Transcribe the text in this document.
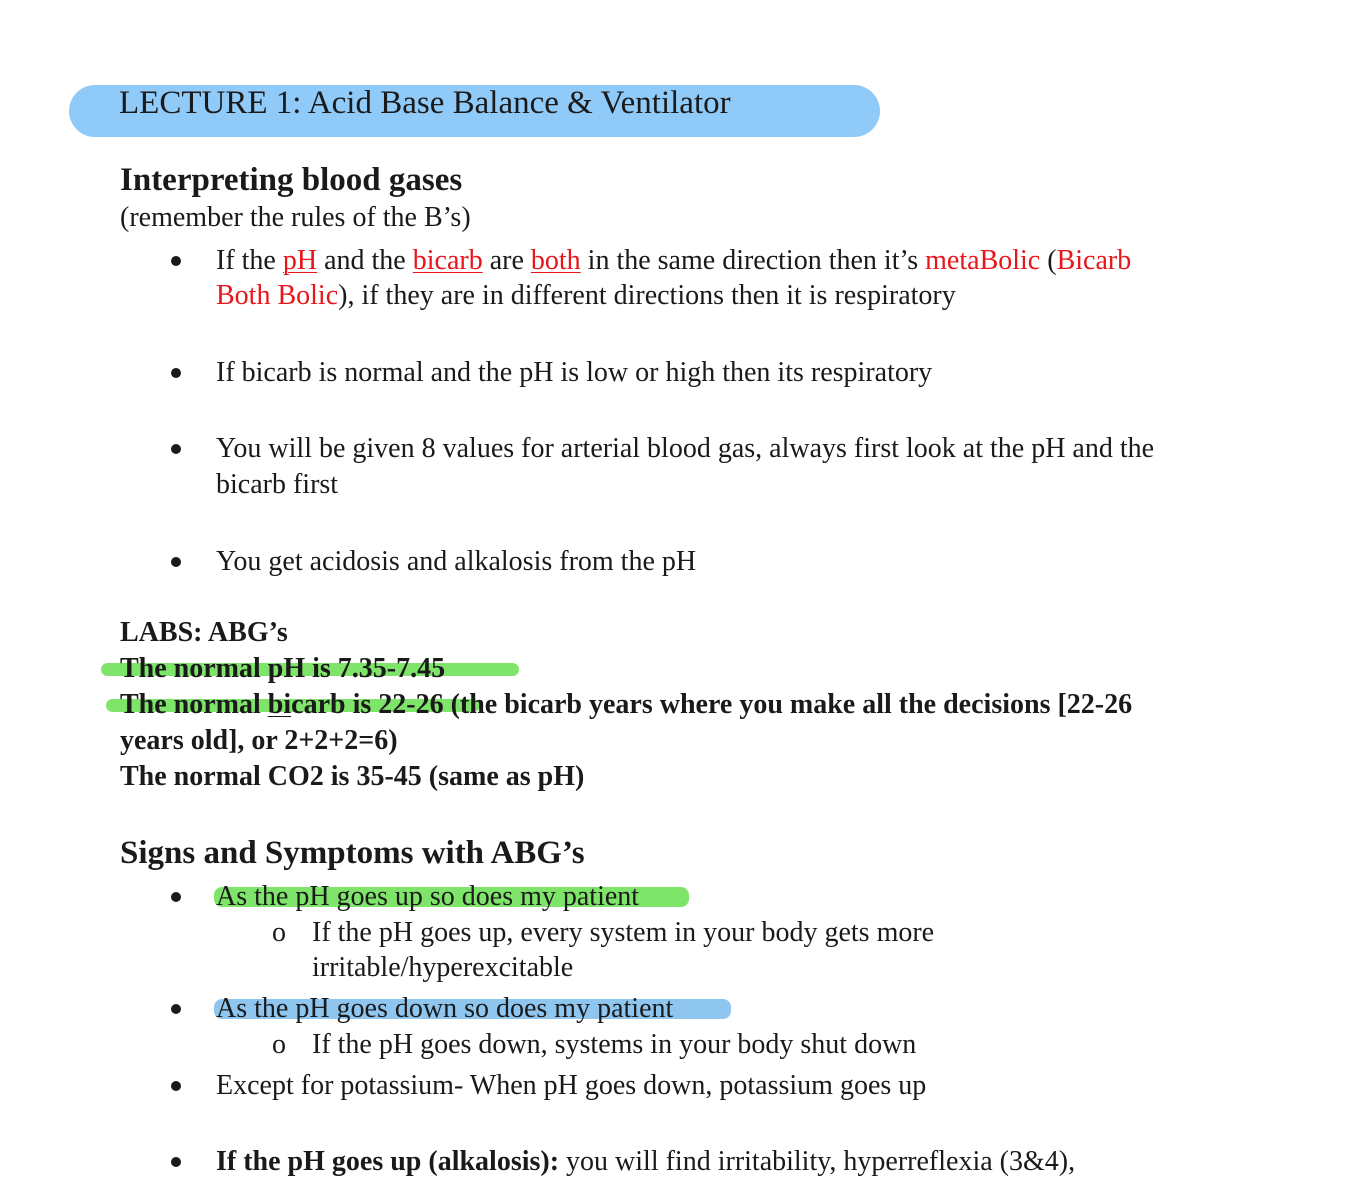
LECTURE 1: Acid Base Balance & Ventilator
Interpreting blood gases
(remember the rules of the B’s)
If the pH and the bicarb are both in the same direction then it’s metaBolic (Bicarb
Both Bolic), if they are in different directions then it is respiratory
If bicarb is normal and the pH is low or high then its respiratory
You will be given 8 values for arterial blood gas, always first look at the pH and the
bicarb first
You get acidosis and alkalosis from the pH
LABS: ABG’s
The normal pH is 7.35-7.45
The normal bicarb is 22-26 (the bicarb years where you make all the decisions [22-26
years old], or 2+2+2=6)
The normal CO2 is 35-45 (same as pH)
Signs and Symptoms with ABG’s
As the pH goes up so does my patient
o If the pH goes up, every system in your body gets more
irritable/hyperexcitable
As the pH goes down so does my patient
o If the pH goes down, systems in your body shut down
Except for potassium- When pH goes down, potassium goes up
If the pH goes up (alkalosis): you will find irritability, hyperreflexia (3&4),
